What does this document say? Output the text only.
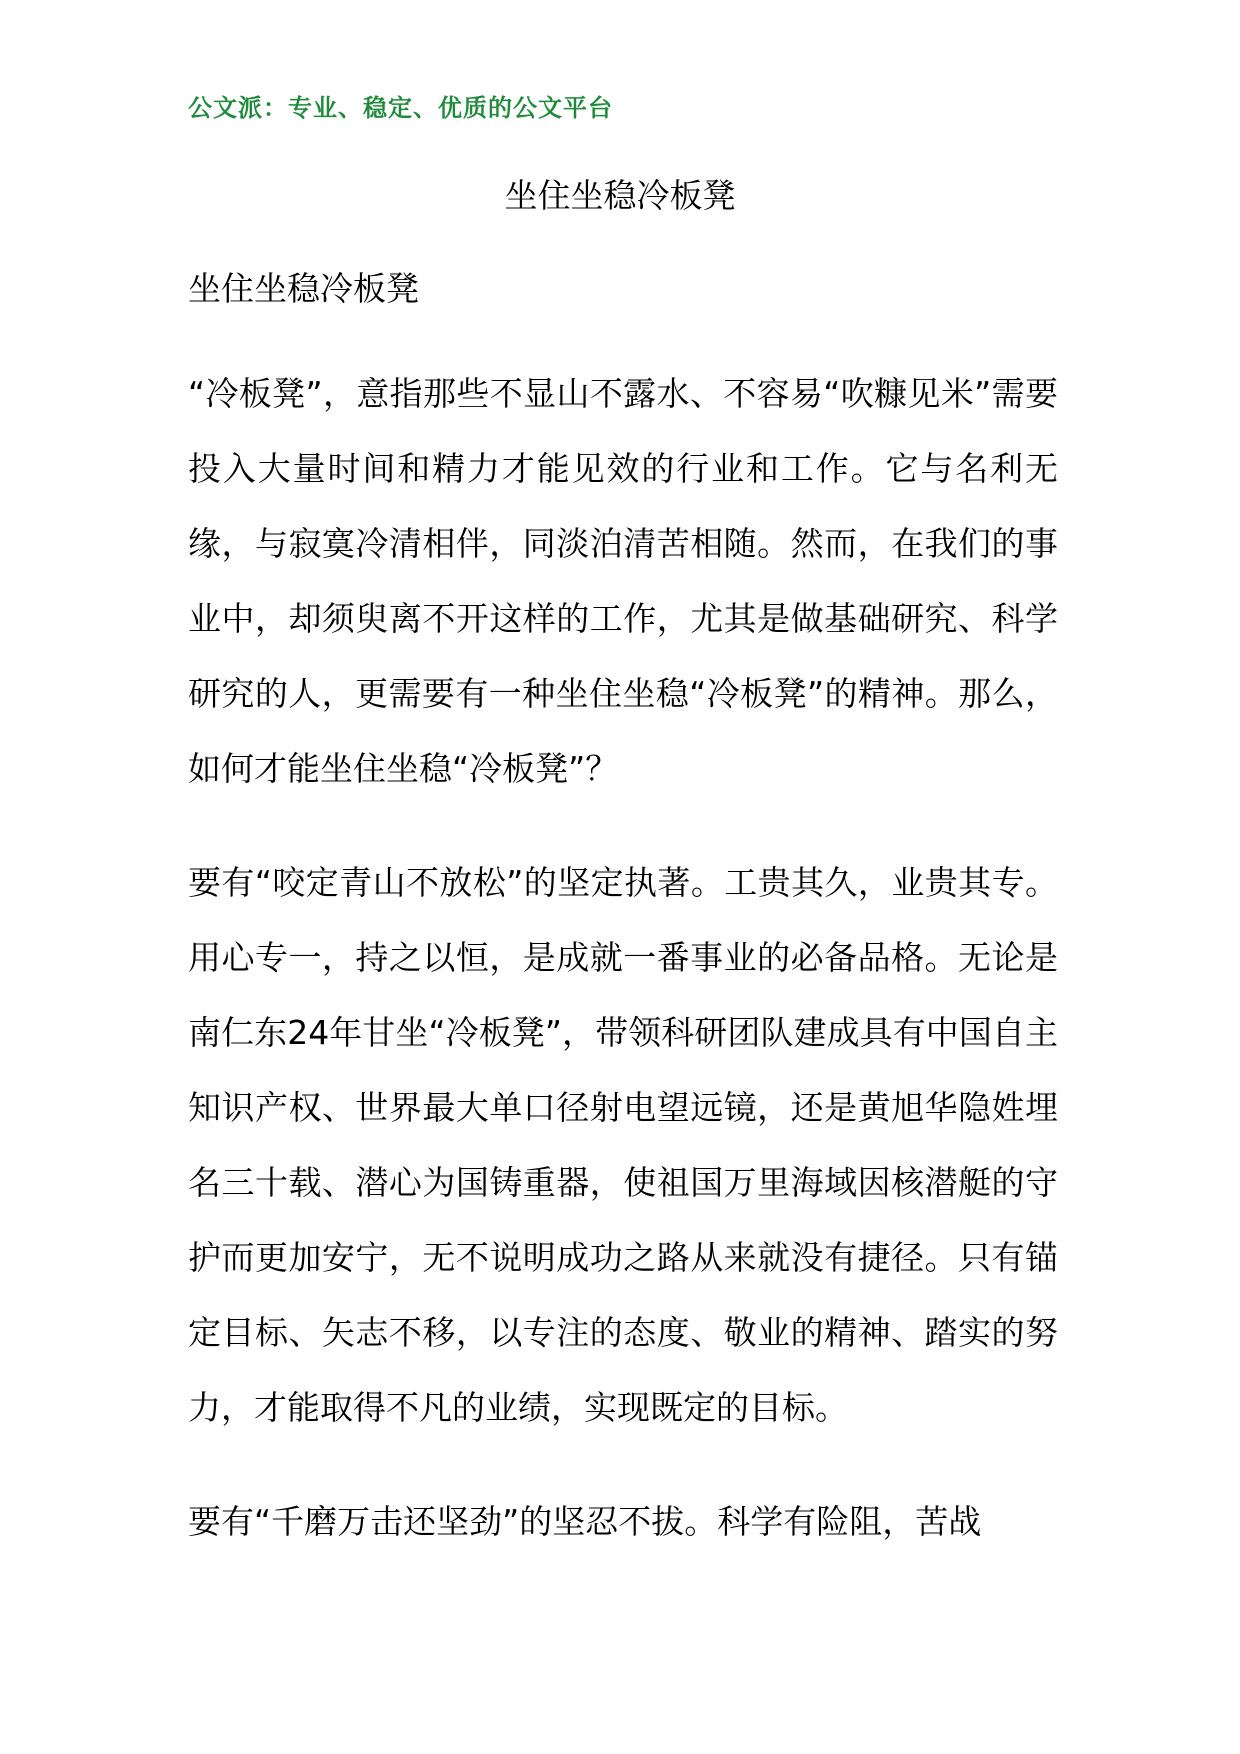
公文派：专业、稳定、优质的公文平台
坐住坐稳冷板凳
坐住坐稳冷板凳

“冷板凳”，意指那些不显山不露水、不容易“吹糠见米”需要投入大量时间和精力才能见效的行业和工作。它与名利无缘，与寂寞冷清相伴，同淡泊清苦相随。然而，在我们的事业中，却须臾离不开这样的工作，尤其是做基础研究、科学研究的人，更需要有一种坐住坐稳“冷板凳”的精神。那么，如何才能坐住坐稳“冷板凳”？

要有“咬定青山不放松”的坚定执著。工贵其久，业贵其专。用心专一，持之以恒，是成就一番事业的必备品格。无论是南仁东24年甘坐“冷板凳”，带领科研团队建成具有中国自主知识产权、世界最大单口径射电望远镜，还是黄旭华隐姓埋名三十载、潜心为国铸重器，使祖国万里海域因核潜艇的守护而更加安宁，无不说明成功之路从来就没有捷径。只有锚定目标、矢志不移，以专注的态度、敬业的精神、踏实的努力，才能取得不凡的业绩，实现既定的目标。

要有“千磨万击还坚劲”的坚忍不拔。科学有险阻，苦战
